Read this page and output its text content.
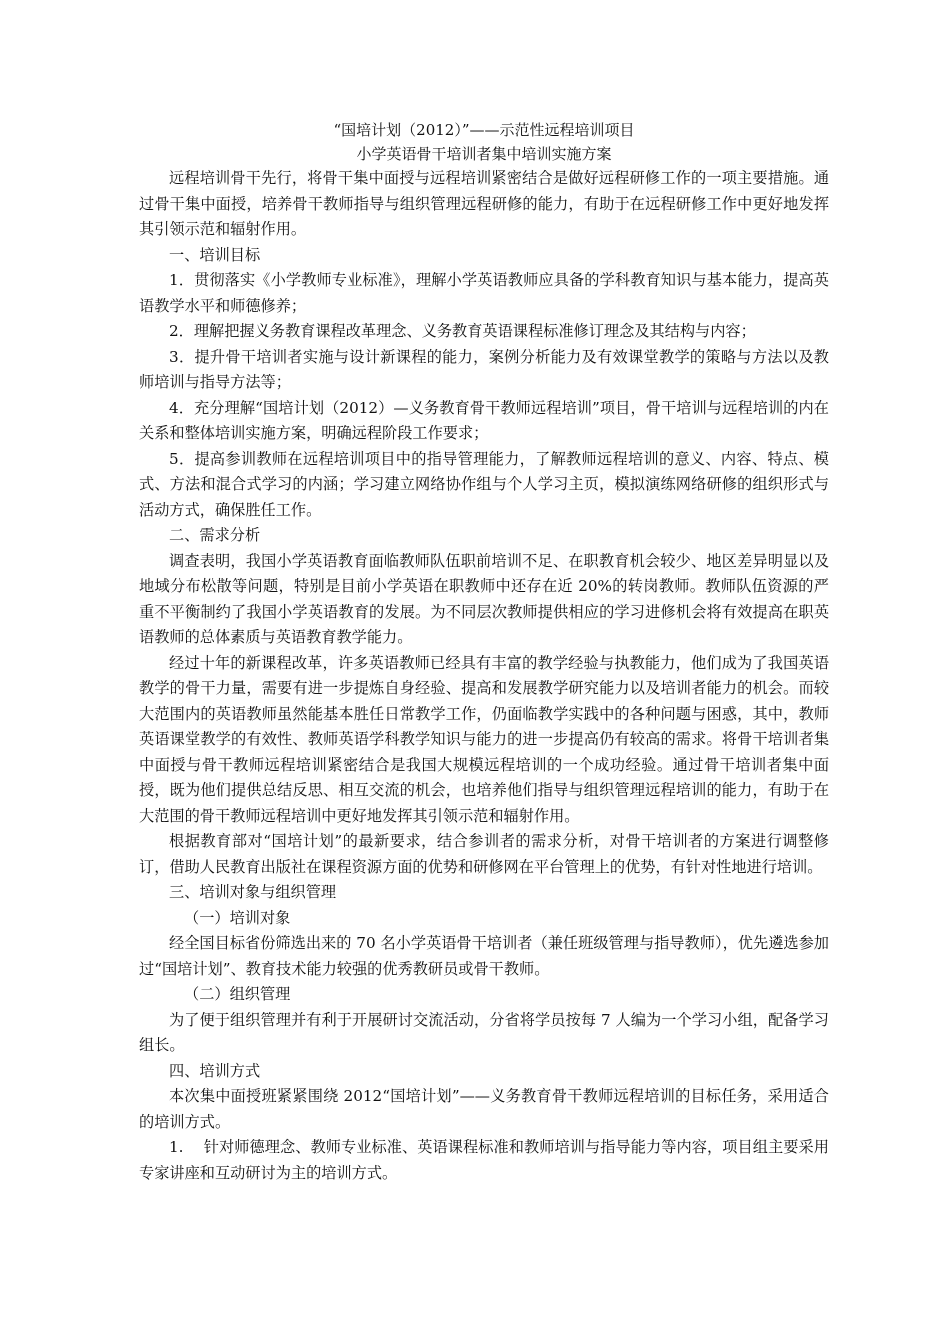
“国培计划（2012）”——示范性远程培训项目
小学英语骨干培训者集中培训实施方案

远程培训骨干先行，将骨干集中面授与远程培训紧密结合是做好远程研修工作的一项主要措施。通过骨干集中面授，培养骨干教师指导与组织管理远程研修的能力，有助于在远程研修工作中更好地发挥其引领示范和辐射作用。

一、培训目标

1．贯彻落实《小学教师专业标准》，理解小学英语教师应具备的学科教育知识与基本能力，提高英语教学水平和师德修养；

2．理解把握义务教育课程改革理念、义务教育英语课程标准修订理念及其结构与内容；

3．提升骨干培训者实施与设计新课程的能力，案例分析能力及有效课堂教学的策略与方法以及教师培训与指导方法等；

4．充分理解“国培计划（2012）—义务教育骨干教师远程培训”项目，骨干培训与远程培训的内在关系和整体培训实施方案，明确远程阶段工作要求；

5．提高参训教师在远程培训项目中的指导管理能力，了解教师远程培训的意义、内容、特点、模式、方法和混合式学习的内涵；学习建立网络协作组与个人学习主页，模拟演练网络研修的组织形式与活动方式，确保胜任工作。

二、需求分析

调查表明，我国小学英语教育面临教师队伍职前培训不足、在职教育机会较少、地区差异明显以及地域分布松散等问题，特别是目前小学英语在职教师中还存在近 20%的转岗教师。教师队伍资源的严重不平衡制约了我国小学英语教育的发展。为不同层次教师提供相应的学习进修机会将有效提高在职英语教师的总体素质与英语教育教学能力。

经过十年的新课程改革，许多英语教师已经具有丰富的教学经验与执教能力，他们成为了我国英语教学的骨干力量，需要有进一步提炼自身经验、提高和发展教学研究能力以及培训者能力的机会。而较大范围内的英语教师虽然能基本胜任日常教学工作，仍面临教学实践中的各种问题与困惑，其中，教师英语课堂教学的有效性、教师英语学科教学知识与能力的进一步提高仍有较高的需求。将骨干培训者集中面授与骨干教师远程培训紧密结合是我国大规模远程培训的一个成功经验。通过骨干培训者集中面授，既为他们提供总结反思、相互交流的机会，也培养他们指导与组织管理远程培训的能力，有助于在大范围的骨干教师远程培训中更好地发挥其引领示范和辐射作用。

根据教育部对“国培计划”的最新要求，结合参训者的需求分析，对骨干培训者的方案进行调整修订，借助人民教育出版社在课程资源方面的优势和研修网在平台管理上的优势，有针对性地进行培训。

三、培训对象与组织管理

（一）培训对象

经全国目标省份筛选出来的 70 名小学英语骨干培训者（兼任班级管理与指导教师），优先遴选参加过“国培计划”、教育技术能力较强的优秀教研员或骨干教师。

（二）组织管理

为了便于组织管理并有利于开展研讨交流活动，分省将学员按每 7 人编为一个学习小组，配备学习组长。

四、培训方式

本次集中面授班紧紧围绕 2012“国培计划”——义务教育骨干教师远程培训的目标任务，采用适合的培训方式。

1.　 针对师德理念、教师专业标准、英语课程标准和教师培训与指导能力等内容，项目组主要采用专家讲座和互动研讨为主的培训方式。
